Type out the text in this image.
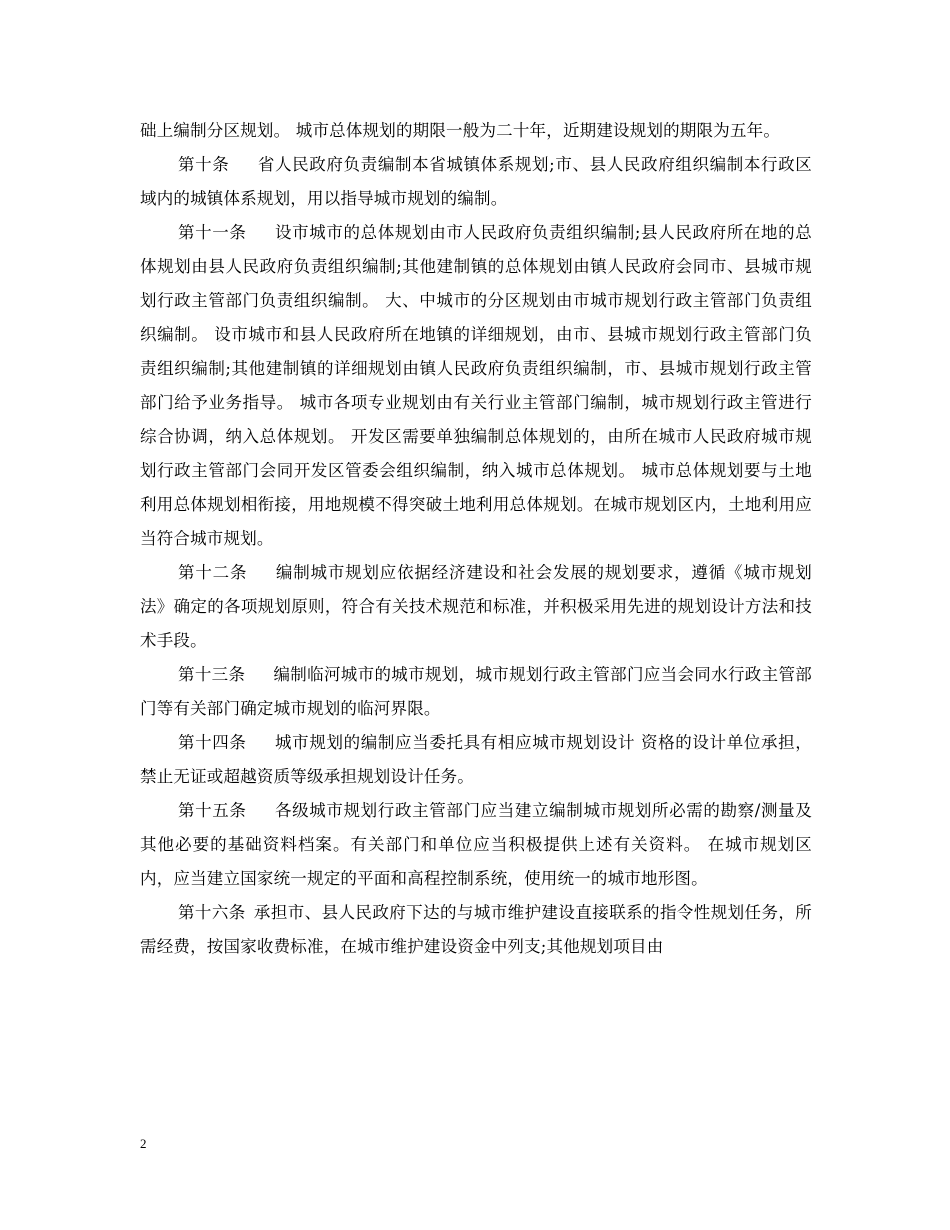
础上编制分区规划。 城市总体规划的期限一般为二十年，近期建设规划的期限为五年。

第十条 省人民政府负责编制本省城镇体系规划;市、县人民政府组织编制本行政区域内的城镇体系规划，用以指导城市规划的编制。

第十一条 设市城市的总体规划由市人民政府负责组织编制;县人民政府所在地的总体规划由县人民政府负责组织编制;其他建制镇的总体规划由镇人民政府会同市、县城市规划行政主管部门负责组织编制。 大、中城市的分区规划由市城市规划行政主管部门负责组织编制。 设市城市和县人民政府所在地镇的详细规划，由市、县城市规划行政主管部门负责组织编制;其他建制镇的详细规划由镇人民政府负责组织编制，市、县城市规划行政主管部门给予业务指导。 城市各项专业规划由有关行业主管部门编制，城市规划行政主管进行综合协调，纳入总体规划。 开发区需要单独编制总体规划的，由所在城市人民政府城市规划行政主管部门会同开发区管委会组织编制，纳入城市总体规划。 城市总体规划要与土地利用总体规划相衔接，用地规模不得突破土地利用总体规划。在城市规划区内，土地利用应当符合城市规划。

第十二条 编制城市规划应依据经济建设和社会发展的规划要求，遵循《城市规划法》确定的各项规划原则，符合有关技术规范和标准，并积极采用先进的规划设计方法和技术手段。

第十三条 编制临河城市的城市规划，城市规划行政主管部门应当会同水行政主管部门等有关部门确定城市规划的临河界限。

第十四条 城市规划的编制应当委托具有相应城市规划设计 资格的设计单位承担，禁止无证或超越资质等级承担规划设计任务。

第十五条 各级城市规划行政主管部门应当建立编制城市规划所必需的勘察/测量及其他必要的基础资料档案。有关部门和单位应当积极提供上述有关资料。 在城市规划区内，应当建立国家统一规定的平面和高程控制系统，使用统一的城市地形图。

第十六条 承担市、县人民政府下达的与城市维护建设直接联系的指令性规划任务，所需经费，按国家收费标准，在城市维护建设资金中列支;其他规划项目由

2
